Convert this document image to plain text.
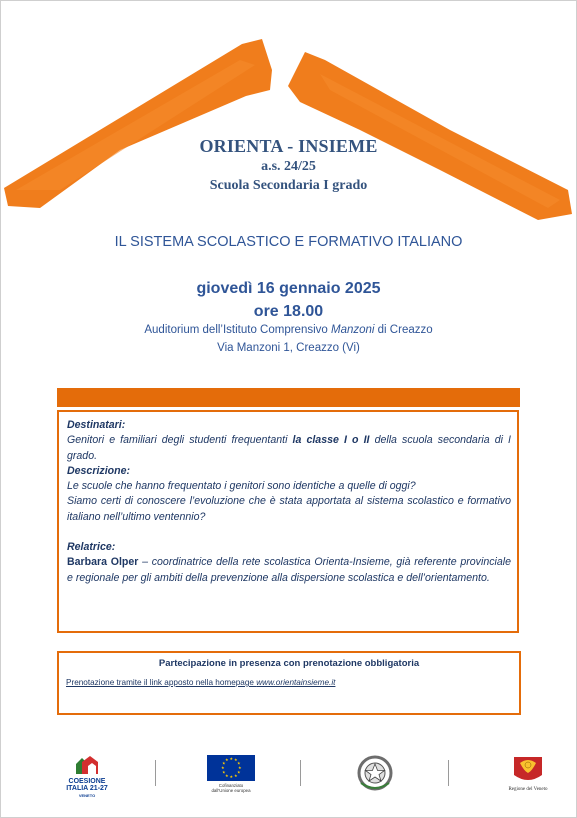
ORIENTA - INSIEME
a.s. 24/25
Scuola Secondaria I grado
IL SISTEMA SCOLASTICO E FORMATIVO ITALIANO
giovedì 16 gennaio 2025
ore 18.00
Auditorium dell’Istituto Comprensivo Manzoni di Creazzo
Via Manzoni 1, Creazzo (Vi)

Destinatari:

Genitori e familiari degli studenti frequentanti la classe I o II della scuola secondaria di I grado.

Descrizione:

Le scuole che hanno frequentato i genitori sono identiche a quelle di oggi?

Siamo certi di conoscere l’evoluzione che è stata apportata al sistema scolastico e formativo italiano nell’ultimo ventennio?

Relatrice:

Barbara Olper – coordinatrice della rete scolastica Orienta-Insieme, già referente provinciale e regionale per gli ambiti della prevenzione alla dispersione scolastica e dell’orientamento.

Partecipazione in presenza con prenotazione obbligatoria
Prenotazione tramite il link apposto nella homepage www.orientainsieme.it
COESIONE
ITALIA 21-27
VENETO
★ ★
★
★
★
★
★
★
★
★
★
★
Cofinanziato
dall’Unione europea	Regione del Veneto
